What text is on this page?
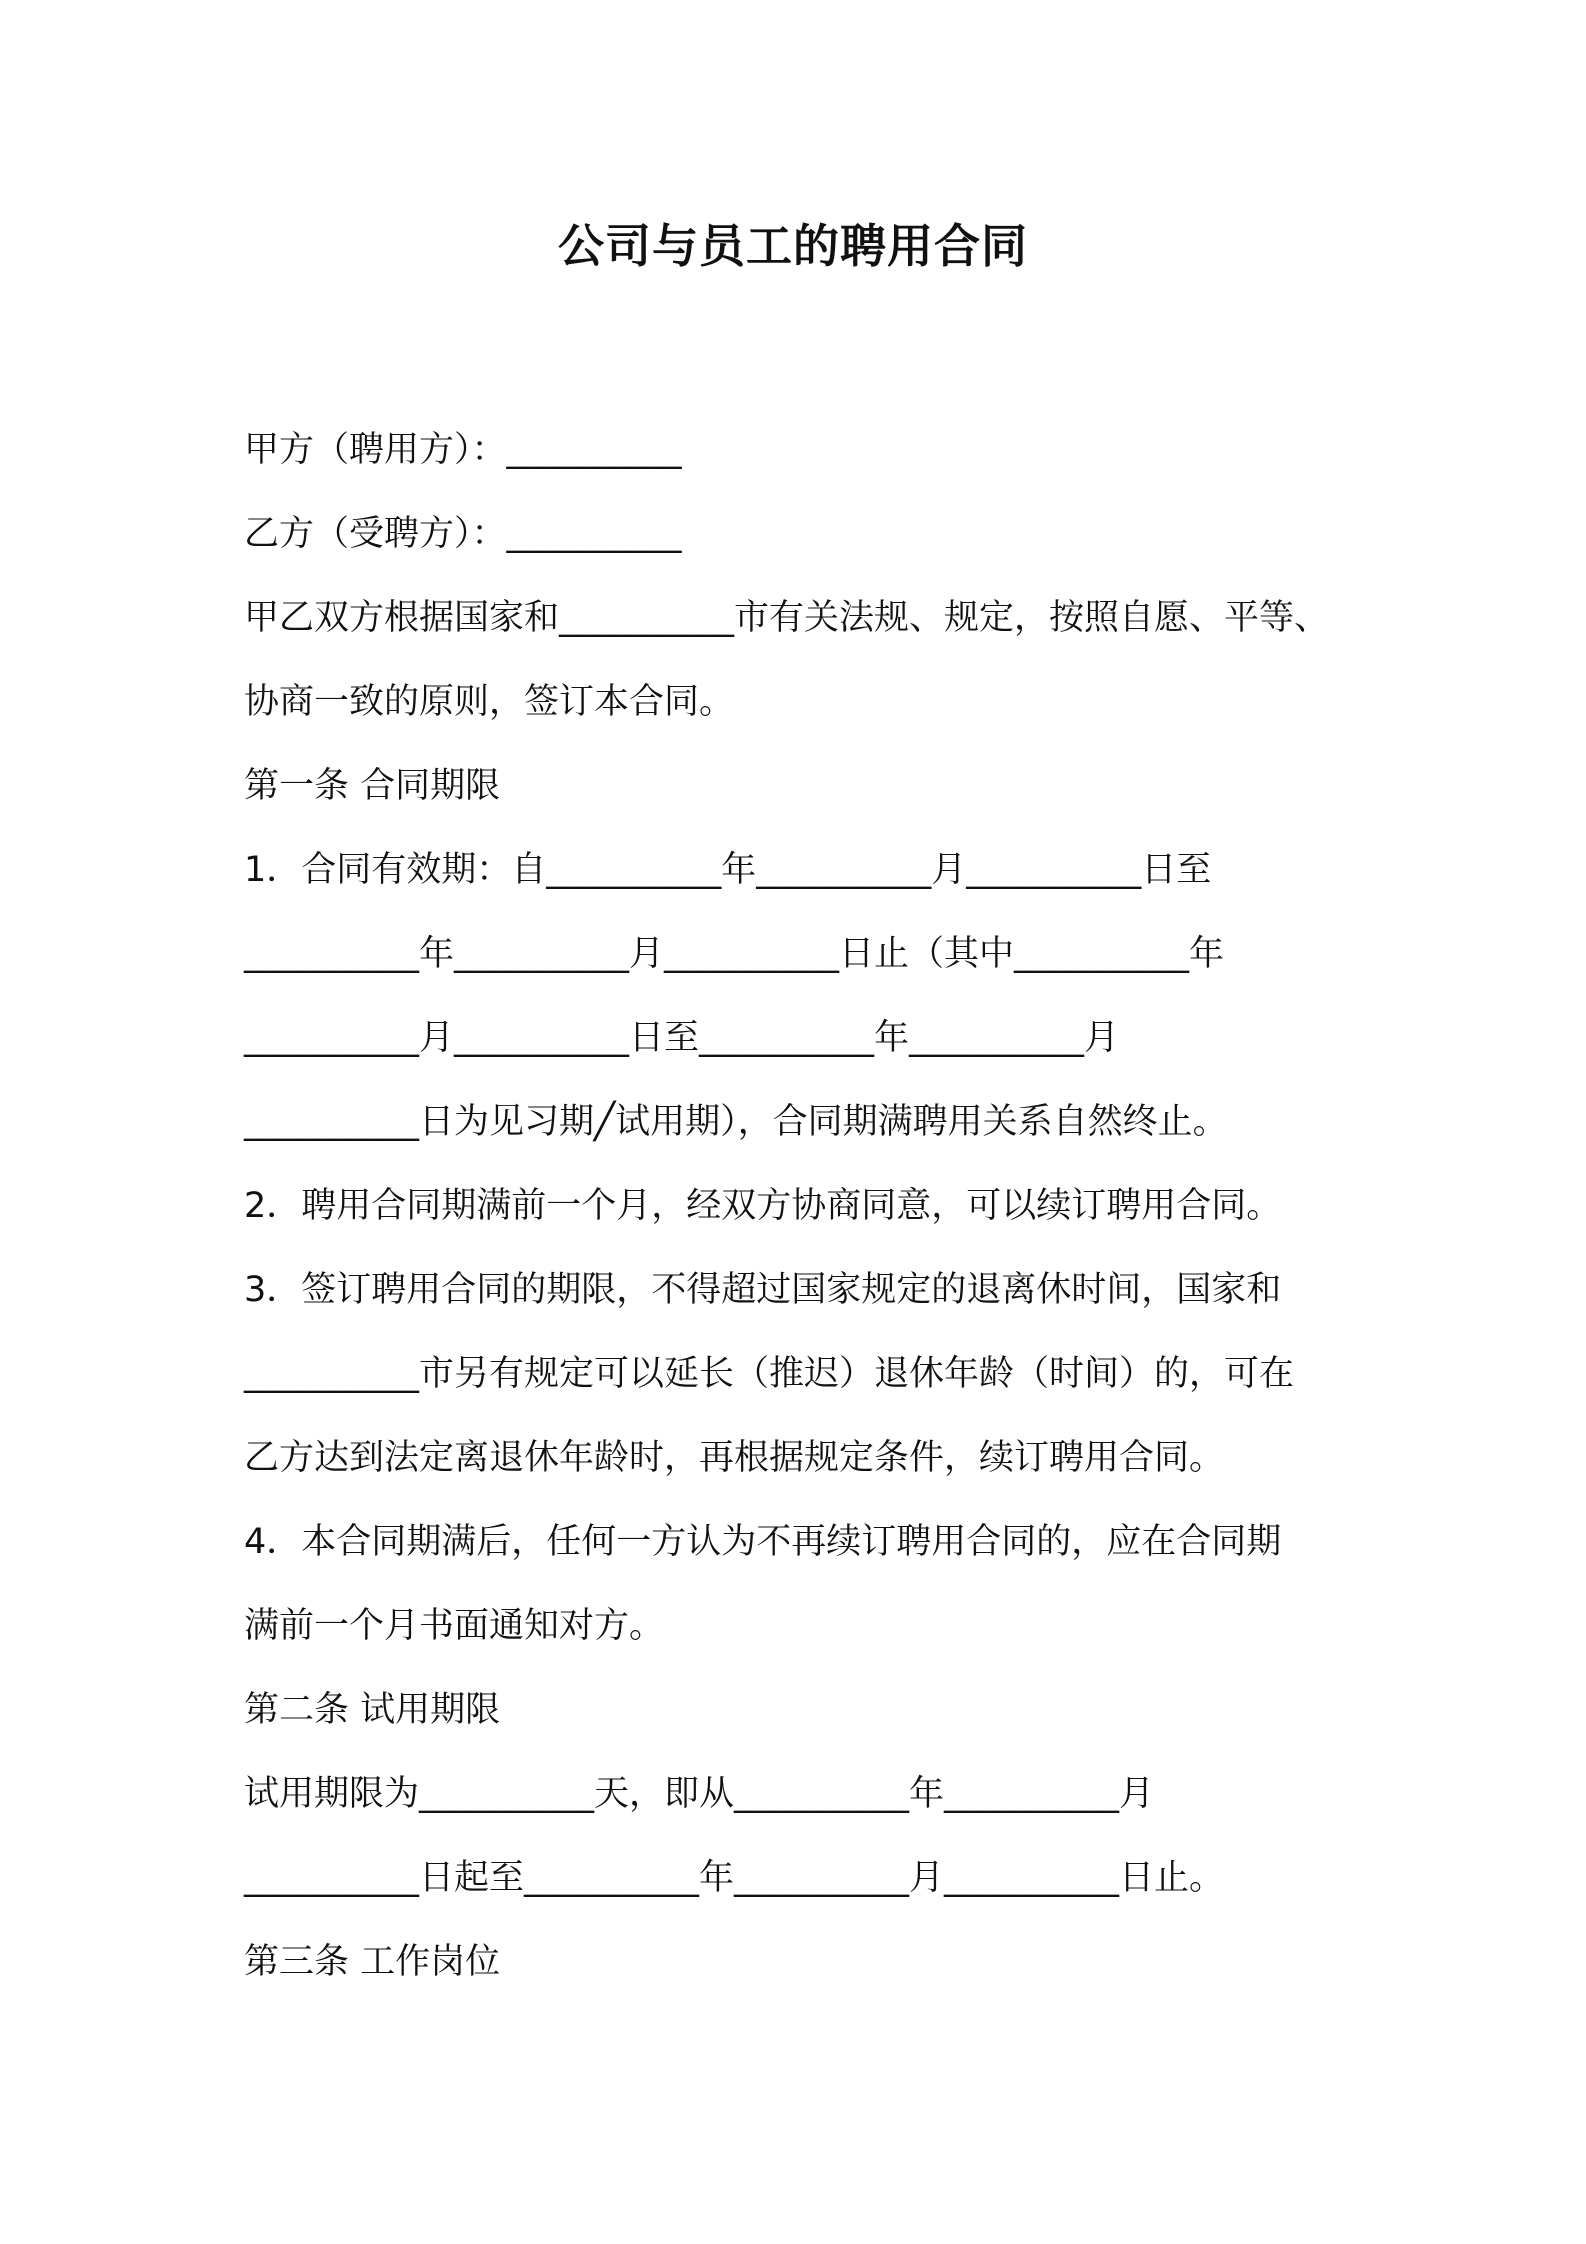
公司与员工的聘用合同

甲方（聘用方）：__________

乙方（受聘方）：__________

甲乙双方根据国家和__________市有关法规、规定，按照自愿、平等、

协商一致的原则，签订本合同。

第一条 合同期限

1．合同有效期：自__________年__________月__________日至

__________年__________月__________日止（其中__________年

__________月__________日至__________年__________月

__________日为见习期╱试用期），合同期满聘用关系自然终止。

2．聘用合同期满前一个月，经双方协商同意，可以续订聘用合同。

3．签订聘用合同的期限，不得超过国家规定的退离休时间，国家和

__________市另有规定可以延长（推迟）退休年龄（时间）的，可在

乙方达到法定离退休年龄时，再根据规定条件，续订聘用合同。

4．本合同期满后，任何一方认为不再续订聘用合同的，应在合同期

满前一个月书面通知对方。

第二条 试用期限

试用期限为__________天，即从__________年__________月

__________日起至__________年__________月__________日止。

第三条 工作岗位
